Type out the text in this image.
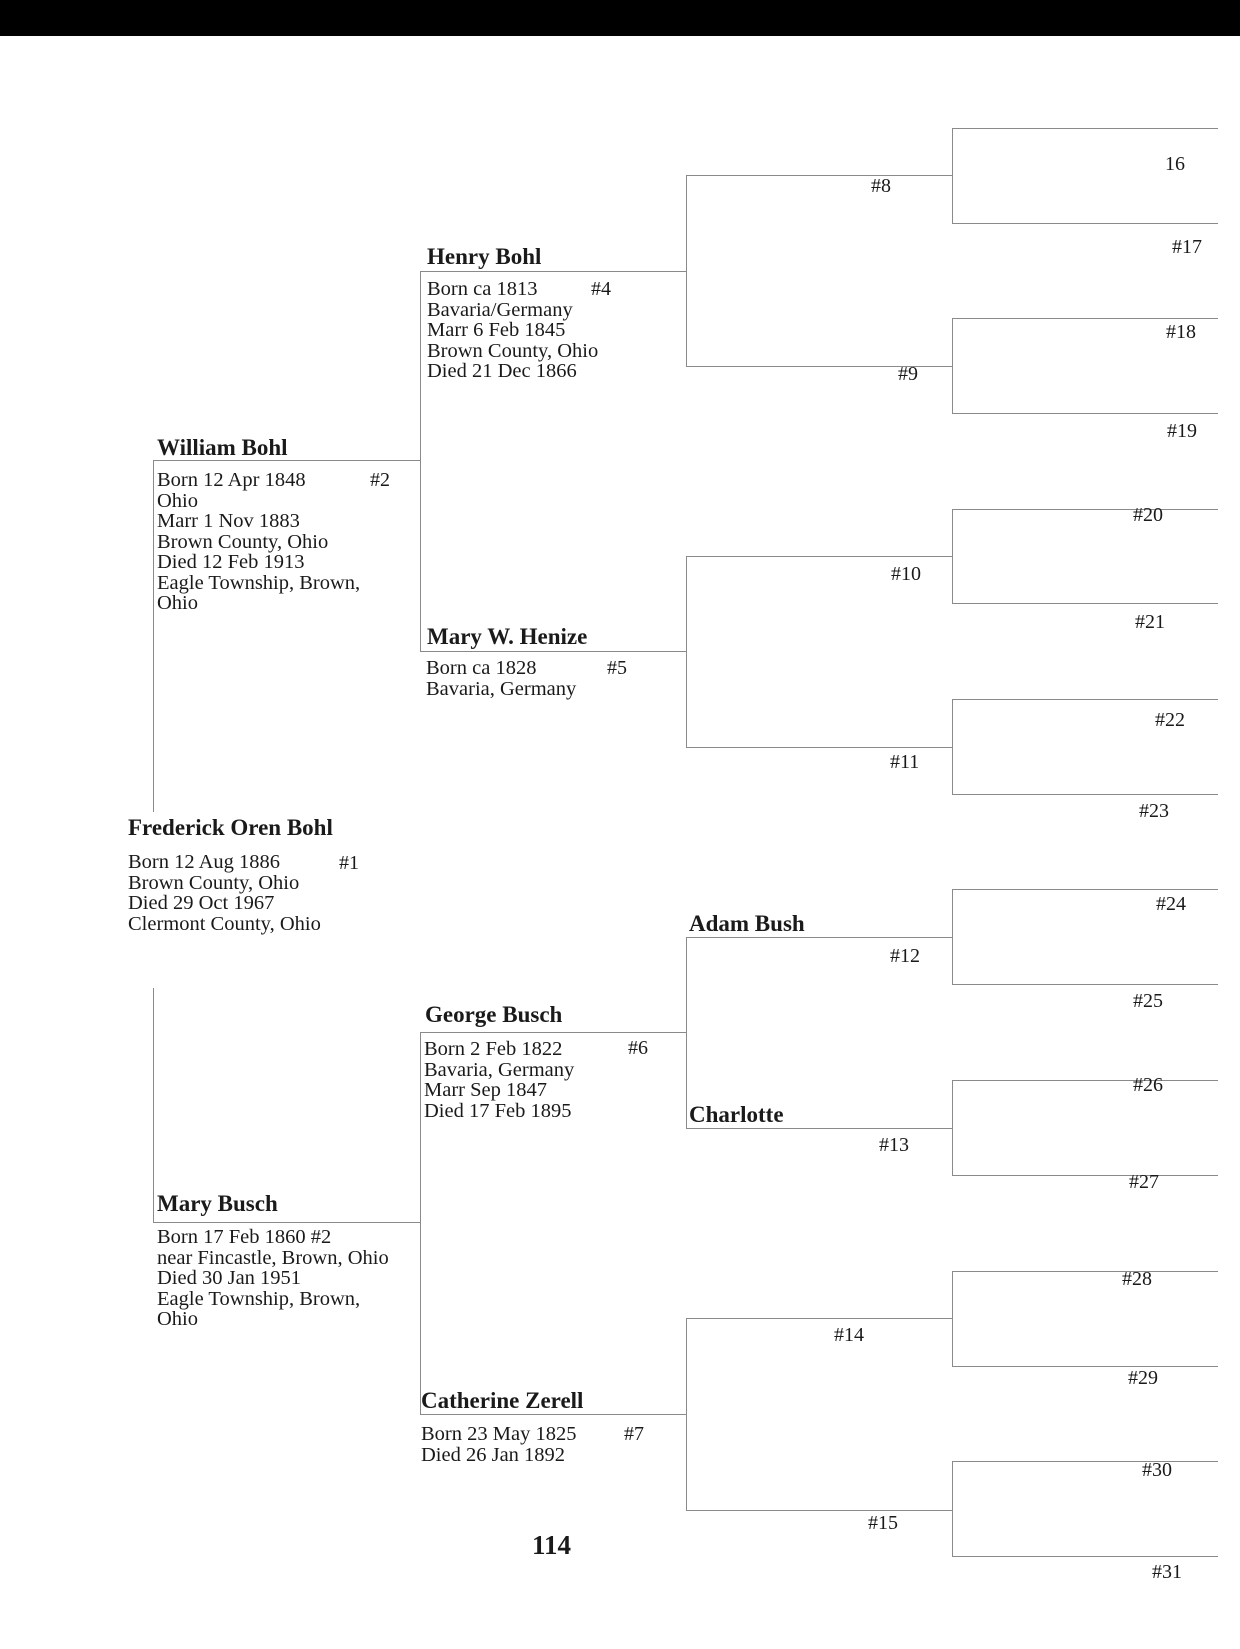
Frederick Oren Bohl
Born 12 Aug 1886
Brown County, Ohio
Died 29 Oct 1967
Clermont County, Ohio
#1
William Bohl
Born 12 Apr 1848
Ohio
Marr 1 Nov 1883
Brown County, Ohio
Died 12 Feb 1913
Eagle Township, Brown,
Ohio
#2
Mary Busch
Born 17 Feb 1860 #2
near Fincastle, Brown, Ohio
Died 30 Jan 1951
Eagle Township, Brown,
Ohio
Henry Bohl
Born ca 1813
Bavaria/Germany
Marr 6 Feb 1845
Brown County, Ohio
Died 21 Dec 1866
#4
Mary W. Henize
Born ca 1828
Bavaria, Germany
#5
George Busch
Born 2 Feb 1822
Bavaria, Germany
Marr Sep 1847
Died 17 Feb 1895
#6
Catherine Zerell
Born 23 May 1825
Died 26 Jan 1892
#7
Adam Bush
Charlotte
#8
#9
#10
#11
#12
#13
#14
#15
16
#17
#18
#19
#20
#21
#22
#23
#24
#25
#26
#27
#28
#29
#30
#31
114
